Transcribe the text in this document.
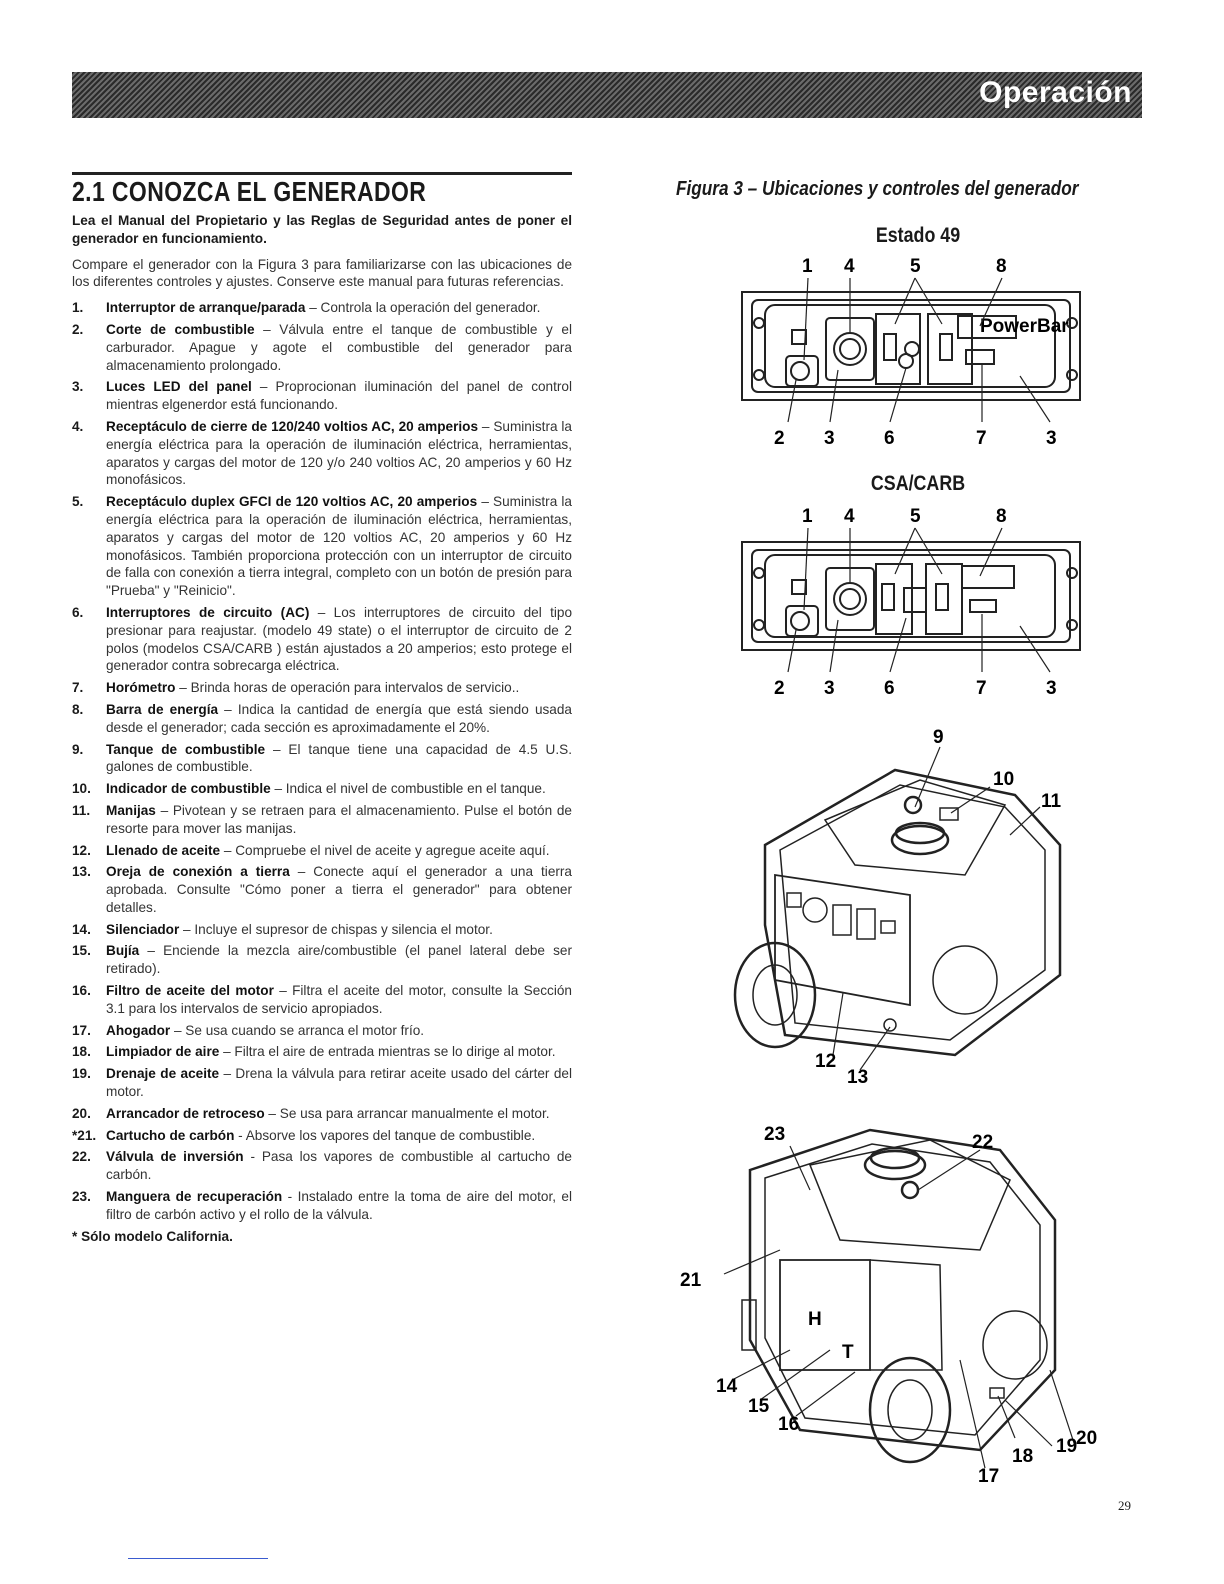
Operación
2.1 CONOZCA EL GENERADOR

Lea el Manual del Propietario y las Reglas de Seguridad antes de poner el generador en funcionamiento.

Compare el generador con la Figura 3 para familiarizarse con las ubicaciones de los diferentes controles y ajustes. Conserve este manual para futuras referencias.

1.	Interruptor de arranque/parada – Controla la operación del generador.
2.	Corte de combustible – Válvula entre el tanque de combustible y el carburador. Apague y agote el combustible del generador para almacenamiento prolongado.
3.	Luces LED del panel – Proprocionan iluminación del panel de control mientras elgenerdor está funcionando.
4.	Receptáculo de cierre de 120/240 voltios AC, 20 amperios – Suministra la energía eléctrica para la operación de iluminación eléctrica, herramientas, aparatos y cargas del motor de 120 y/o 240 voltios AC, 20 amperios y 60 Hz monofásicos.
5.	Receptáculo duplex GFCI de 120 voltios AC, 20 amperios – Suministra la energía eléctrica para la operación de iluminación eléctrica, herramientas, aparatos y cargas del motor de 120 voltios AC, 20 amperios y 60 Hz monofásicos. También proporciona protección con un interruptor de circuito de falla con conexión a tierra integral, completo con un botón de presión para "Prueba" y "Reinicio".
6.	Interruptores de circuito (AC) – Los interruptores de circuito del tipo presionar para reajustar. (modelo 49 state) o el interruptor de circuito de 2 polos (modelos CSA/CARB ) están ajustados a 20 amperios; esto protege el generador contra sobrecarga eléctrica.
7.	Horómetro – Brinda horas de operación para intervalos de servicio..
8.	Barra de energía – Indica la cantidad de energía que está siendo usada desde el generador; cada sección es aproximadamente el 20%.
9.	Tanque de combustible – El tanque tiene una capacidad de 4.5 U.S. galones de combustible.
10.	Indicador de combustible – Indica el nivel de combustible en el tanque.
11.	Manijas – Pivotean y se retraen para el almacenamiento. Pulse el botón de resorte para mover las manijas.
12.	Llenado de aceite – Compruebe el nivel de aceite y agregue aceite aquí.
13.	Oreja de conexión a tierra – Conecte aquí el generador a una tierra aprobada. Consulte "Cómo poner a tierra el generador" para obtener detalles.
14.	Silenciador – Incluye el supresor de chispas y silencia el motor.
15.	Bujía – Enciende la mezcla aire/combustible (el panel lateral debe ser retirado).
16.	Filtro de aceite del motor – Filtra el aceite del motor, consulte la Sección 3.1 para los intervalos de servicio apropiados.
17.	Ahogador – Se usa cuando se arranca el motor frío.
18.	Limpiador de aire – Filtra el aire de entrada mientras se lo dirige al motor.
19.	Drenaje de aceite – Drena la válvula para retirar aceite usado del cárter del motor.
20.	Arrancador de retroceso – Se usa para arrancar manualmente el motor.
*21. Cartucho de carbón - Absorve los vapores del tanque de combustible.
22.	Válvula de inversión - Pasa los vapores de combustible al cartucho de carbón.
23.	Manguera de recuperación - Instalado entre la toma de aire del motor, el filtro de carbón activo y el rollo de la válvula.
* Sólo modelo California.
Figura 3 – Ubicaciones y controles del generador
Estado 49
CSA/CARB
PowerBar
1 4	5	8
2 3	6	7	3
1 4	5	8
2 3	6	7	3
9
10
11
12
13
H
T
23	22
21
14
15
16
17
18 19
20
29
